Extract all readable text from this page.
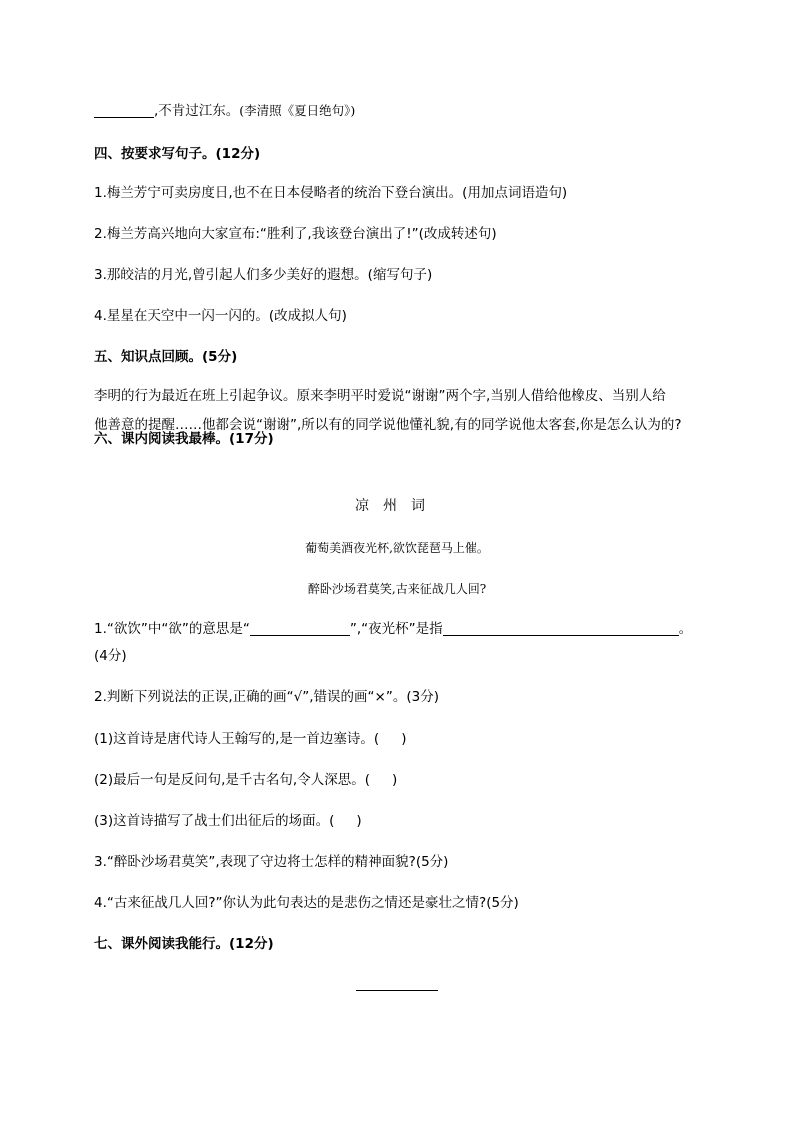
,不肯过江东。(李清照《夏日绝句》)
四、按要求写句子。(12分)
1.梅兰芳宁可卖房度日,也不在日本侵略者的统治下登台演出。(用加点词语造句)
2.梅兰芳高兴地向大家宣布:“胜利了,我该登台演出了!”(改成转述句)
3.那皎洁的月光,曾引起人们多少美好的遐想。(缩写句子)
4.星星在天空中一闪一闪的。(改成拟人句)
五、知识点回顾。(5分)
李明的行为最近在班上引起争议。原来李明平时爱说“谢谢”两个字,当别人借给他橡皮、当别人给
他善意的提醒……他都会说“谢谢”,所以有的同学说他懂礼貌,有的同学说他太客套,你是怎么认为的?
六、课内阅读我最棒。(17分)
凉州词
葡萄美酒夜光杯,欲饮琵琶马上催。
醉卧沙场君莫笑,古来征战几人回?
1.“欲饮”中“欲”的意思是“	”,“夜光杯”是指	。
(4分)
2.判断下列说法的正误,正确的画“√”,错误的画“×”。(3分)
(1)这首诗是唐代诗人王翰写的,是一首边塞诗。( )
(2)最后一句是反问句,是千古名句,令人深思。( )
(3)这首诗描写了战士们出征后的场面。( )
3.“醉卧沙场君莫笑”,表现了守边将士怎样的精神面貌?(5分)
4.“古来征战几人回?”你认为此句表达的是悲伤之情还是豪壮之情?(5分)
七、课外阅读我能行。(12分)
